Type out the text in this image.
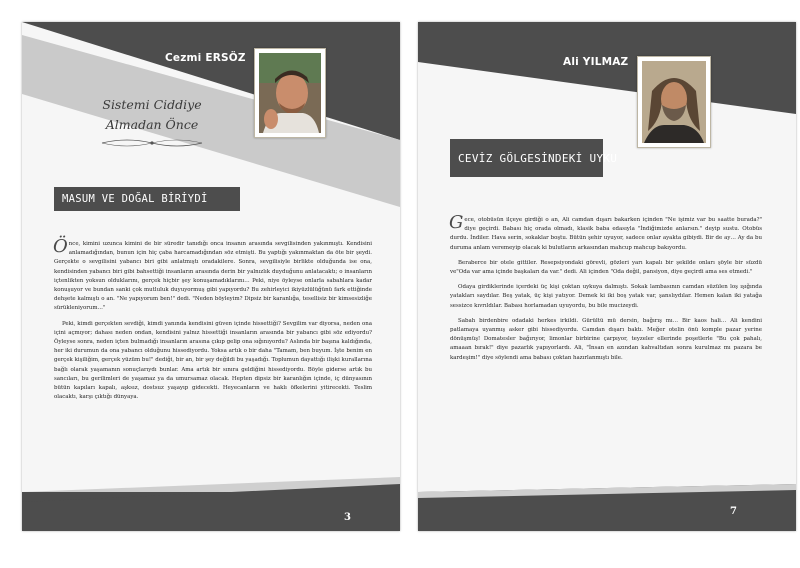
Cezmi ERSÖZ
Sistemi Ciddiye
Almadan Önce
MASUM VE DOĞAL BİRİYDİ

Önce, kimini uzunca kimini de bir süredir tanıdığı onca insanın arasında sevgilisinden yakınmıştı. Kendisini anlamadığından, bunun için hiç çaba harcamadığından söz etmişti. Bu yaptığı yakınmaktan da öte bir şeydi. Gerçekte o sevgilisini yabancı biri gibi anlatmıştı oradakilere. Sonra, sevgilisiyle birlikte olduğunda ise ona, kendisinden yabancı biri gibi bahsettiği insanların arasında derin bir yalnızlık duyduğunu anlatacaktı; o insanların içtenlikten yoksun olduklarını, gerçek hiçbir şey konuşamadıklarını… Peki, niye öyleyse onlarla sabahlara kadar konuşuyor ve bundan sanki çok mutluluk duyuyormuş gibi yapıyordu? Bu zehirleyici ikiyüzlülüğünü fark ettiğinde dehşete kalmıştı o an. "Ne yapıyorum ben!" dedi. "Neden böyleyim? Dipsiz bir karanlığa, tesellisiz bir kimsesizliğe sürükleniyorum…"

Peki, kimdi gerçekten sevdiği, kimdi yanında kendisini güven içinde hissettiği? Sevgilim var diyorsa, neden ona içini açmıyor; dahası neden ondan, kendisini yalnız hissettiği insanların arasında bir yabancı gibi söz ediyordu? Öyleyse sonra, neden içten bulmadığı insanların arasına çıkıp gelip ona sığınıyordu? Aslında bir başına kaldığında, her iki durumun da ona yabancı olduğunu hissediyordu. Yoksa artık o bir daha "Tamam, ben buyum. İşte benim en gerçek kişiliğim, gerçek yüzüm bu!" dediği, bir an, bir şey değildi bu yaşadığı. Toplumun dayattığı ilişki kurallarına bağlı olarak yaşamanın sonuçlarıydı bunlar. Ama artık bir sınıra geldiğini hissediyordu. Böyle giderse artık bu sancıları, bu gerilimleri de yaşamaz ya da umursamaz olacak. Hepten dipsiz bir karanlığın içinde, iç dünyasının bütün kapıları kapalı, aşksız, dostsuz yaşayıp gidecekti. Heyecanların ve haklı öfkelerini yitirecekti. Teslim olacaktı, karşı çıktığı dünyaya.

3
Ali YILMAZ
CEVİZ GÖLGESİNDEKİ UYKU

Gece, otobüsün ilçeye girdiği o an, Ali camdan dışarı bakarken içinden "Ne işimiz var bu saatte burada?" diye geçirdi. Babası hiç orada olmadı, klasik baba edasıyla "İndiğimizde anlarsın." deyip sustu. Otobüs durdu. İndiler. Hava serin, sokaklar boştu. Bütün şehir uyuyor, sadece onlar ayakta gibiydi. Bir de ay… Ay da bu duruma anlam veremeyip olacak ki bulutların arkasından mahcup mahcup bakıyordu.

Beraberce bir otele gittiler. Resepsiyondaki görevli, gözleri yarı kapalı bir şekilde onları şöyle bir süzdü ve"Oda var ama içinde başkaları da var." dedi. Ali içinden "Oda değil, pansiyon, diye geçirdi ama ses etmedi."

Odaya girdiklerinde içerdeki üç kişi çoktan uykuya dalmıştı. Sokak lambasının camdan süzülen loş ışığında yatakları saydılar. Beş yatak, üç kişi yatıyor. Demek ki iki boş yatak var, şanslıydılar. Hemen kalan iki yatağa sessizce kıvrıldılar. Babası horlamadan uyuyordu, bu bile mucizeydi.

Sabah birdenbire odadaki herkes irkildi. Gürültü mü dersin, bağırış mı… Bir kaos hali… Ali kendini patlamaya uyanmış asker gibi hissediyordu. Camdan dışarı baktı. Meğer otelin önü komple pazar yerine dönüşmüş! Domatesler bağırıyor, limonlar birbirine çarpıyor, teyzeler ellerinde poşetlerle "Bu çok pahalı, amaaan bırak!" diye pazarlık yapıyorlardı. Ali, "İnsan en azından kahvaltıdan sonra kurulmaz mı pazara be kardeşim!" diye söylendi ama babası çoktan hazırlanmıştı bile.

7
